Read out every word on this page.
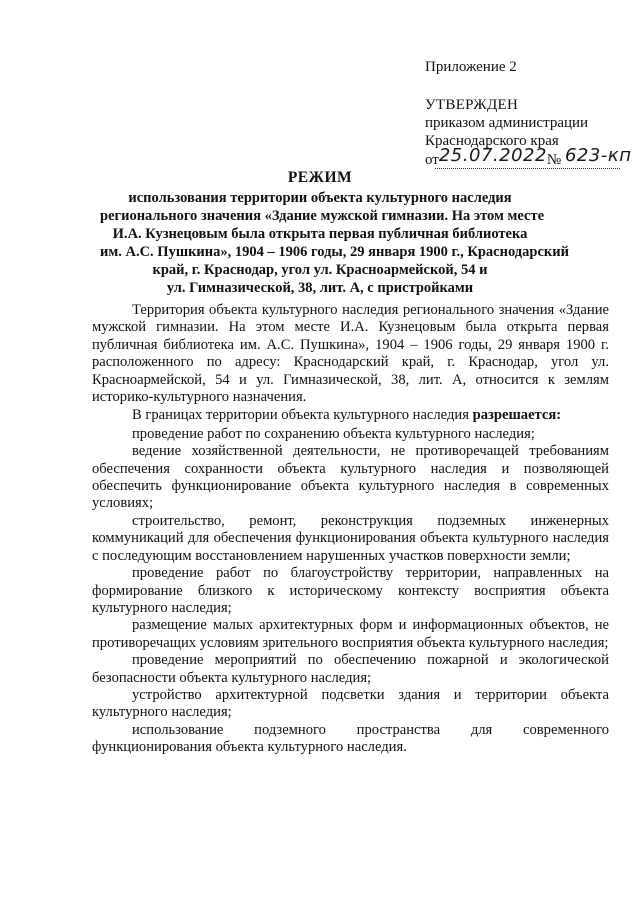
Приложение 2
УТВЕРЖДЕН
приказом администрации
Краснодарского края
от25.07.2022№ 623-кп
РЕЖИМ
использования территории объекта культурного наследия
регионального значения «Здание мужской гимназии. На этом месте
И.А. Кузнецовым была открыта первая публичная библиотека
им. А.С. Пушкина», 1904 – 1906 годы, 29 января 1900 г., Краснодарский
край, г. Краснодар, угол ул. Красноармейской, 54 и
ул. Гимназической, 38, лит. А, с пристройками

Территория объекта культурного наследия регионального значения «Здание мужской гимназии. На этом месте И.А. Кузнецовым была открыта первая публичная библиотека им. А.С. Пушкина», 1904 – 1906 годы, 29 января 1900 г. расположенного по адресу: Краснодарский край, г. Краснодар, угол ул. Красноармейской, 54 и ул. Гимназической, 38, лит. А, относится к землям историко-культурного назначения.

В границах территории объекта культурного наследия разрешается:

проведение работ по сохранению объекта культурного наследия;

ведение хозяйственной деятельности, не противоречащей требованиям обеспечения сохранности объекта культурного наследия и позволяющей обеспечить функционирование объекта культурного наследия в современных условиях;

строительство, ремонт, реконструкция подземных инженерных коммуникаций для обеспечения функционирования объекта культурного наследия с последующим восстановлением нарушенных участков поверхности земли;

проведение работ по благоустройству территории, направленных на формирование близкого к историческому контексту восприятия объекта культурного наследия;

размещение малых архитектурных форм и информационных объектов, не противоречащих условиям зрительного восприятия объекта культурного наследия;

проведение мероприятий по обеспечению пожарной и экологической безопасности объекта культурного наследия;

устройство архитектурной подсветки здания и территории объекта культурного наследия;

использование подземного пространства для современного функционирования объекта культурного наследия.
